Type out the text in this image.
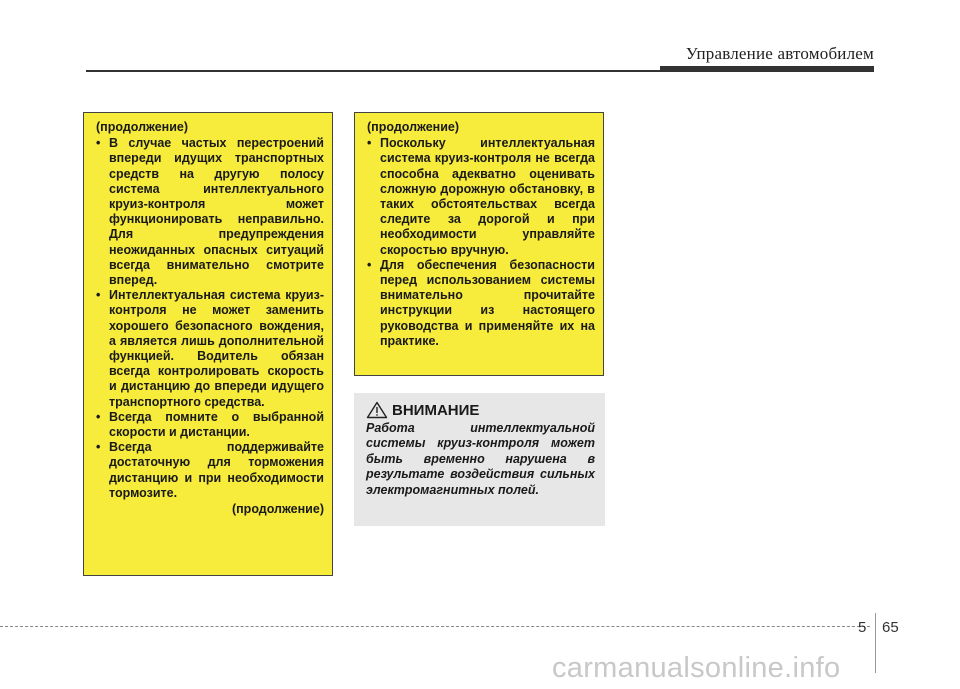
Управление автомобилем
(продолжение)
• В случае частых перестроений впереди идущих транспортных средств на другую полосу система интеллектуального круиз-контроля может функционировать неправильно. Для предупреждения неожиданных опасных ситуаций всегда внимательно смотрите вперед.
• Интеллектуальная система круиз-контроля не может заменить хорошего безопасного вождения, а является лишь дополнительной функцией. Водитель обязан всегда контролировать скорость и дистанцию до впереди идущего транспортного средства.
• Всегда помните о выбранной скорости и дистанции.
• Всегда поддерживайте достаточную для торможения дистанцию и при необходимости тормозите.
(продолжение)
(продолжение)
• Поскольку интеллектуальная система круиз-контроля не всегда способна адекватно оценивать сложную дорожную обстановку, в таких обстоятельствах всегда следите за дорогой и при необходимости управляйте скоростью вручную.
• Для обеспечения безопасности перед использованием системы внимательно прочитайте инструкции из настоящего руководства и применяйте их на практике.
ВНИМАНИЕ
Работа интеллектуальной системы круиз-контроля может быть временно нарушена в результате воздействия сильных электромагнитных полей.
5 65
carmanualsonline.info
